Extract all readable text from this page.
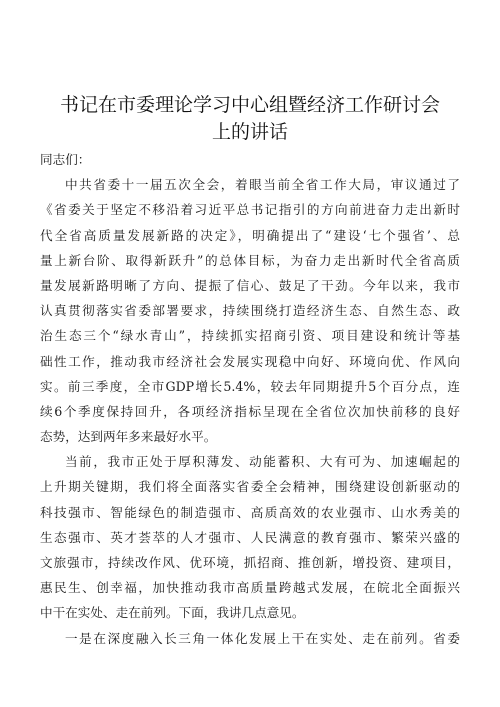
书记在市委理论学习中心组暨经济工作研讨会
上的讲话
同志们：
中共省委十一届五次全会，着眼当前全省工作大局，审议通过了
《省委关于坚定不移沿着习近平总书记指引的方向前进奋力走出新时
代全省高质量发展新路的决定》，明确提出了“建设‘七个强省’、总
量上新台阶、取得新跃升”的总体目标，为奋力走出新时代全省高质
量发展新路明晰了方向、提振了信心、鼓足了干劲。今年以来，我市
认真贯彻落实省委部署要求，持续围绕打造经济生态、自然生态、政
治生态三个“绿水青山”，持续抓实招商引资、项目建设和统计等基
础性工作，推动我市经济社会发展实现稳中向好、环境向优、作风向
实。前三季度，全市GDP增长5.4%，较去年同期提升5个百分点，连
续6个季度保持回升，各项经济指标呈现在全省位次加快前移的良好
态势，达到两年多来最好水平。
当前，我市正处于厚积薄发、动能蓄积、大有可为、加速崛起的
上升期关键期，我们将全面落实省委全会精神，围绕建设创新驱动的
科技强市、智能绿色的制造强市、高质高效的农业强市、山水秀美的
生态强市、英才荟萃的人才强市、人民满意的教育强市、繁荣兴盛的
文旅强市，持续改作风、优环境，抓招商、推创新，增投资、建项目，
惠民生、创幸福，加快推动我市高质量跨越式发展，在皖北全面振兴
中干在实处、走在前列。下面，我讲几点意见。
一是在深度融入长三角一体化发展上干在实处、走在前列。省委
